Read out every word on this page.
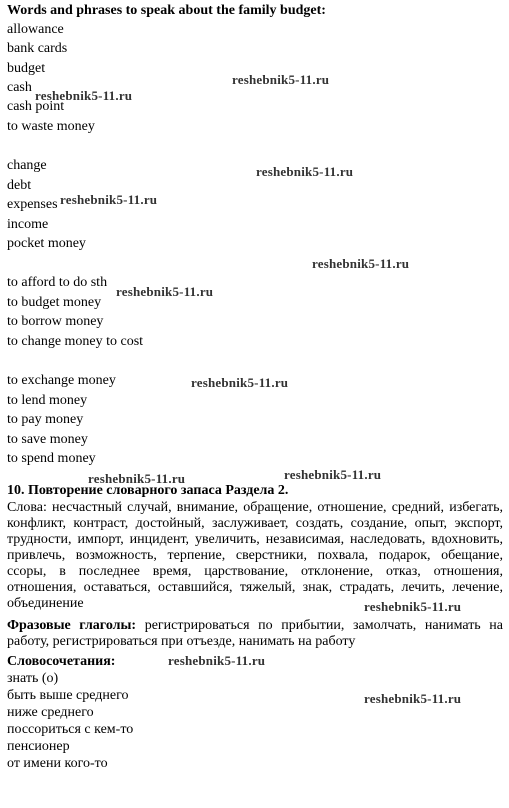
Words and phrases to speak about the family budget:
allowance
bank cards
budget
cash
cash point
to waste money
change
debt
expenses
income
pocket money
to afford to do sth
to budget money
to borrow money
to change money to cost
to exchange money
to lend money
to pay money
to save money
to spend money
10. Повторение словарного запаса Раздела 2.
Слова: несчастный случай, внимание, обращение, отношение, средний, избегать, конфликт, контраст, достойный, заслуживает, создать, создание, опыт, экспорт, трудности, импорт, инцидент, увеличить, независимая, наследовать, вдохновить, привлечь, возможность, терпение, сверстники, похвала, подарок, обещание, ссоры, в последнее время, царствование, отклонение, отказ, отношения, отношения, оставаться, оставшийся, тяжелый, знак, страдать, лечить, лечение, объединение
Фразовые глаголы: регистрироваться по прибытии, замолчать, нанимать на работу, регистрироваться при отъезде, нанимать на работу
Словосочетания:
знать (о)
быть выше среднего
ниже среднего
поссориться с кем-то
пенсионер
от имени кого-то
reshebnik5-11.ru
reshebnik5-11.ru
reshebnik5-11.ru
reshebnik5-11.ru
reshebnik5-11.ru
reshebnik5-11.ru
reshebnik5-11.ru
reshebnik5-11.ru	reshebnik5-11.ru
reshebnik5-11.ru
reshebnik5-11.ru
reshebnik5-11.ru
